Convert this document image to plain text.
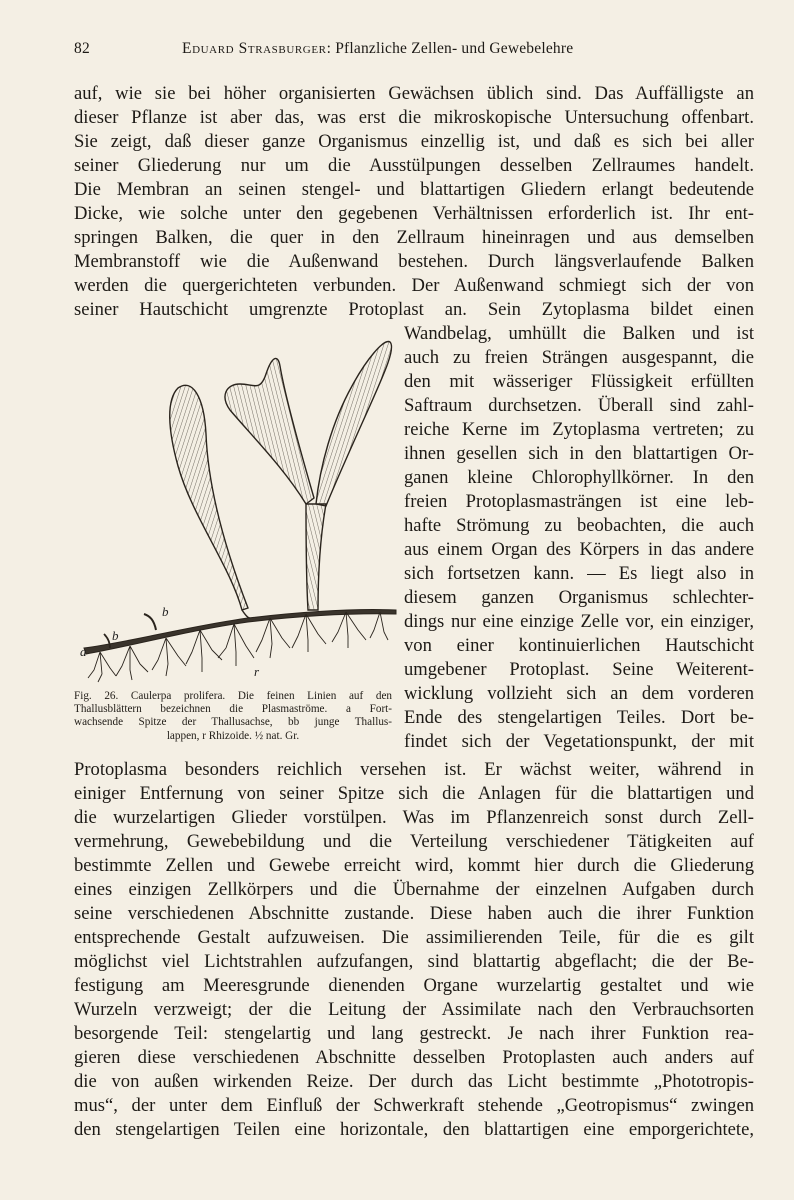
82	Eduard Strasburger: Pflanzliche Zellen- und Gewebelehre
auf, wie sie bei höher organisierten Gewächsen üblich sind. Das Auffälligste an
dieser Pflanze ist aber das, was erst die mikroskopische Untersuchung offenbart.
Sie zeigt, daß dieser ganze Organismus einzellig ist, und daß es sich bei aller
seiner Gliederung nur um die Ausstülpungen desselben Zellraumes handelt.
Die Membran an seinen stengel- und blattartigen Gliedern erlangt bedeutende
Dicke, wie solche unter den gegebenen Verhältnissen erforderlich ist. Ihr ent-
springen Balken, die quer in den Zellraum hineinragen und aus demselben
Membranstoff wie die Außenwand bestehen. Durch längsverlaufende Balken
werden die quergerichteten verbunden. Der Außenwand schmiegt sich der von
seiner Hautschicht umgrenzte Protoplast an. Sein Zytoplasma bildet einen
Wandbelag, umhüllt die Balken und ist
auch zu freien Strängen ausgespannt, die
den mit wässeriger Flüssigkeit erfüllten
Saftraum durchsetzen. Überall sind zahl-
reiche Kerne im Zytoplasma vertreten; zu
ihnen gesellen sich in den blattartigen Or-
ganen kleine Chlorophyllkörner. In den
freien Protoplasmasträngen ist eine leb-
hafte Strömung zu beobachten, die auch
aus einem Organ des Körpers in das andere
sich fortsetzen kann. — Es liegt also in
diesem ganzen Organismus schlechter-
dings nur eine einzige Zelle vor, ein einziger,
von einer kontinuierlichen Hautschicht
umgebener Protoplast. Seine Weiterent-
wicklung vollzieht sich an dem vorderen
Ende des stengelartigen Teiles. Dort be-
findet sich der Vegetationspunkt, der mit
b
b
a
r
Fig. 26. Caulerpa prolifera. Die feinen Linien auf den
Thallusblättern bezeichnen die Plasmaströme. a Fort-
wachsende Spitze der Thallusachse, bb junge Thallus-
lappen, r Rhizoide. ½ nat. Gr.
Protoplasma besonders reichlich versehen ist. Er wächst weiter, während in
einiger Entfernung von seiner Spitze sich die Anlagen für die blattartigen und
die wurzelartigen Glieder vorstülpen. Was im Pflanzenreich sonst durch Zell-
vermehrung, Gewebebildung und die Verteilung verschiedener Tätigkeiten auf
bestimmte Zellen und Gewebe erreicht wird, kommt hier durch die Gliederung
eines einzigen Zellkörpers und die Übernahme der einzelnen Aufgaben durch
seine verschiedenen Abschnitte zustande. Diese haben auch die ihrer Funktion
entsprechende Gestalt aufzuweisen. Die assimilierenden Teile, für die es gilt
möglichst viel Lichtstrahlen aufzufangen, sind blattartig abgeflacht; die der Be-
festigung am Meeresgrunde dienenden Organe wurzelartig gestaltet und wie
Wurzeln verzweigt; der die Leitung der Assimilate nach den Verbrauchsorten
besorgende Teil: stengelartig und lang gestreckt. Je nach ihrer Funktion rea-
gieren diese verschiedenen Abschnitte desselben Protoplasten auch anders auf
die von außen wirkenden Reize. Der durch das Licht bestimmte „Phototropis-
mus“, der unter dem Einfluß der Schwerkraft stehende „Geotropismus“ zwingen
den stengelartigen Teilen eine horizontale, den blattartigen eine emporgerichtete,
